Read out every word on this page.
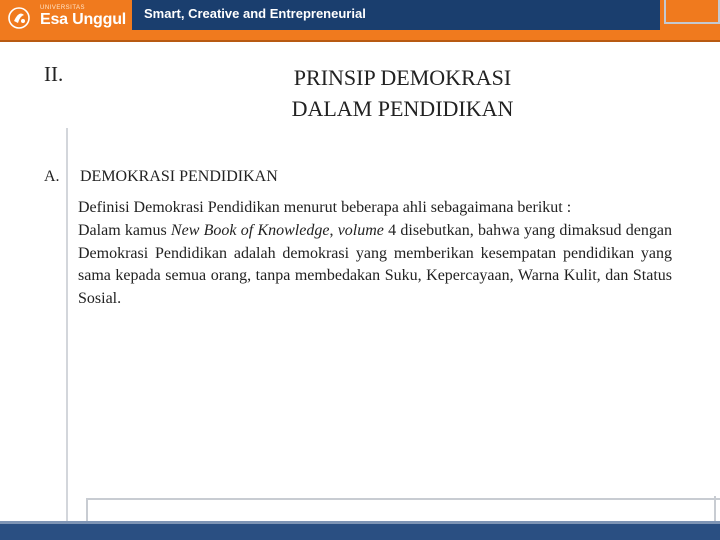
UNIVERSITAS
Esa Unggul Smart, Creative and Entrepreneurial
II.	PRINSIP DEMOKRASI
DALAM PENDIDIKAN
A. DEMOKRASI PENDIDIKAN

Definisi Demokrasi Pendidikan menurut beberapa ahli sebagaimana berikut :

Dalam kamus New Book of Knowledge, volume 4 disebutkan, bahwa yang dimaksud dengan Demokrasi Pendidikan adalah demokrasi yang memberikan kesempatan pendidikan yang sama kepada semua orang, tanpa membedakan Suku, Kepercayaan, Warna Kulit, dan Status Sosial.
